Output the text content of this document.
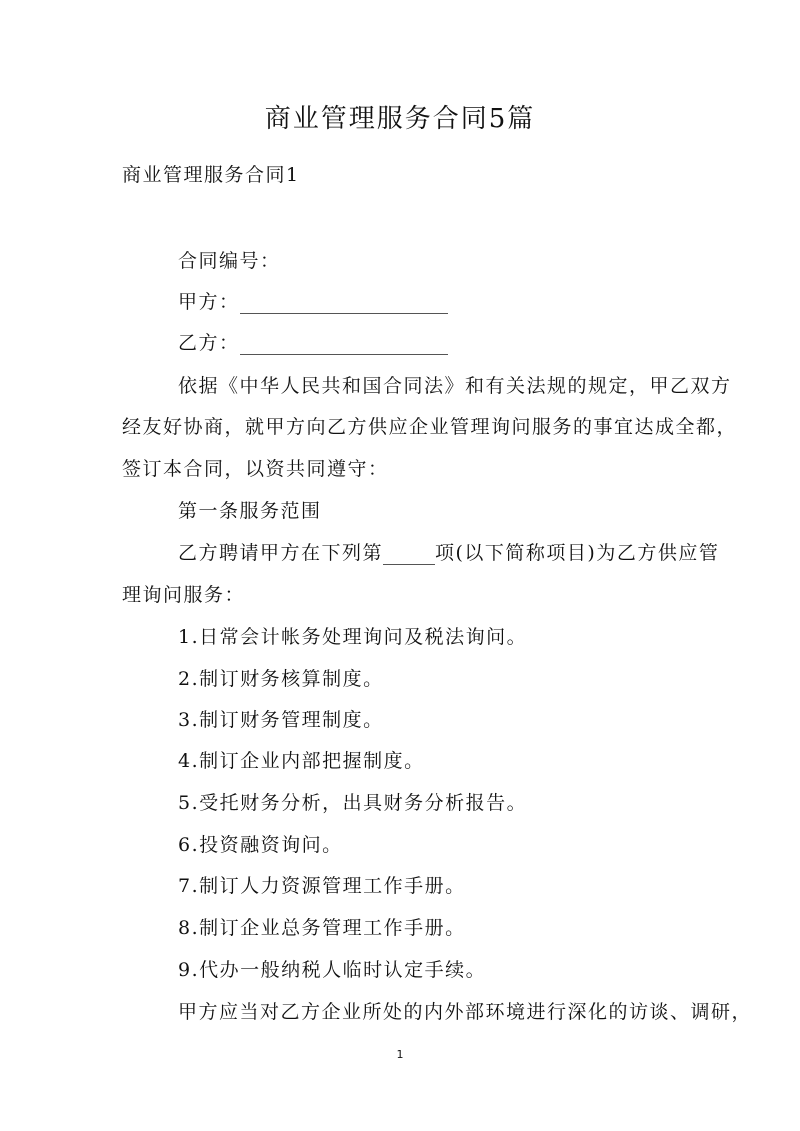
商业管理服务合同5篇
商业管理服务合同1
合同编号：
甲方：
乙方：
依据《中华人民共和国合同法》和有关法规的规定，甲乙双方
经友好协商，就甲方向乙方供应企业管理询问服务的事宜达成全都，
签订本合同，以资共同遵守：
第一条服务范围
乙方聘请甲方在下列第	项(以下简称项目)为乙方供应管
理询问服务：
1.日常会计帐务处理询问及税法询问。
2.制订财务核算制度。
3.制订财务管理制度。
4.制订企业内部把握制度。
5.受托财务分析，出具财务分析报告。
6.投资融资询问。
7.制订人力资源管理工作手册。
8.制订企业总务管理工作手册。
9.代办一般纳税人临时认定手续。
甲方应当对乙方企业所处的内外部环境进行深化的访谈、调研，
1
